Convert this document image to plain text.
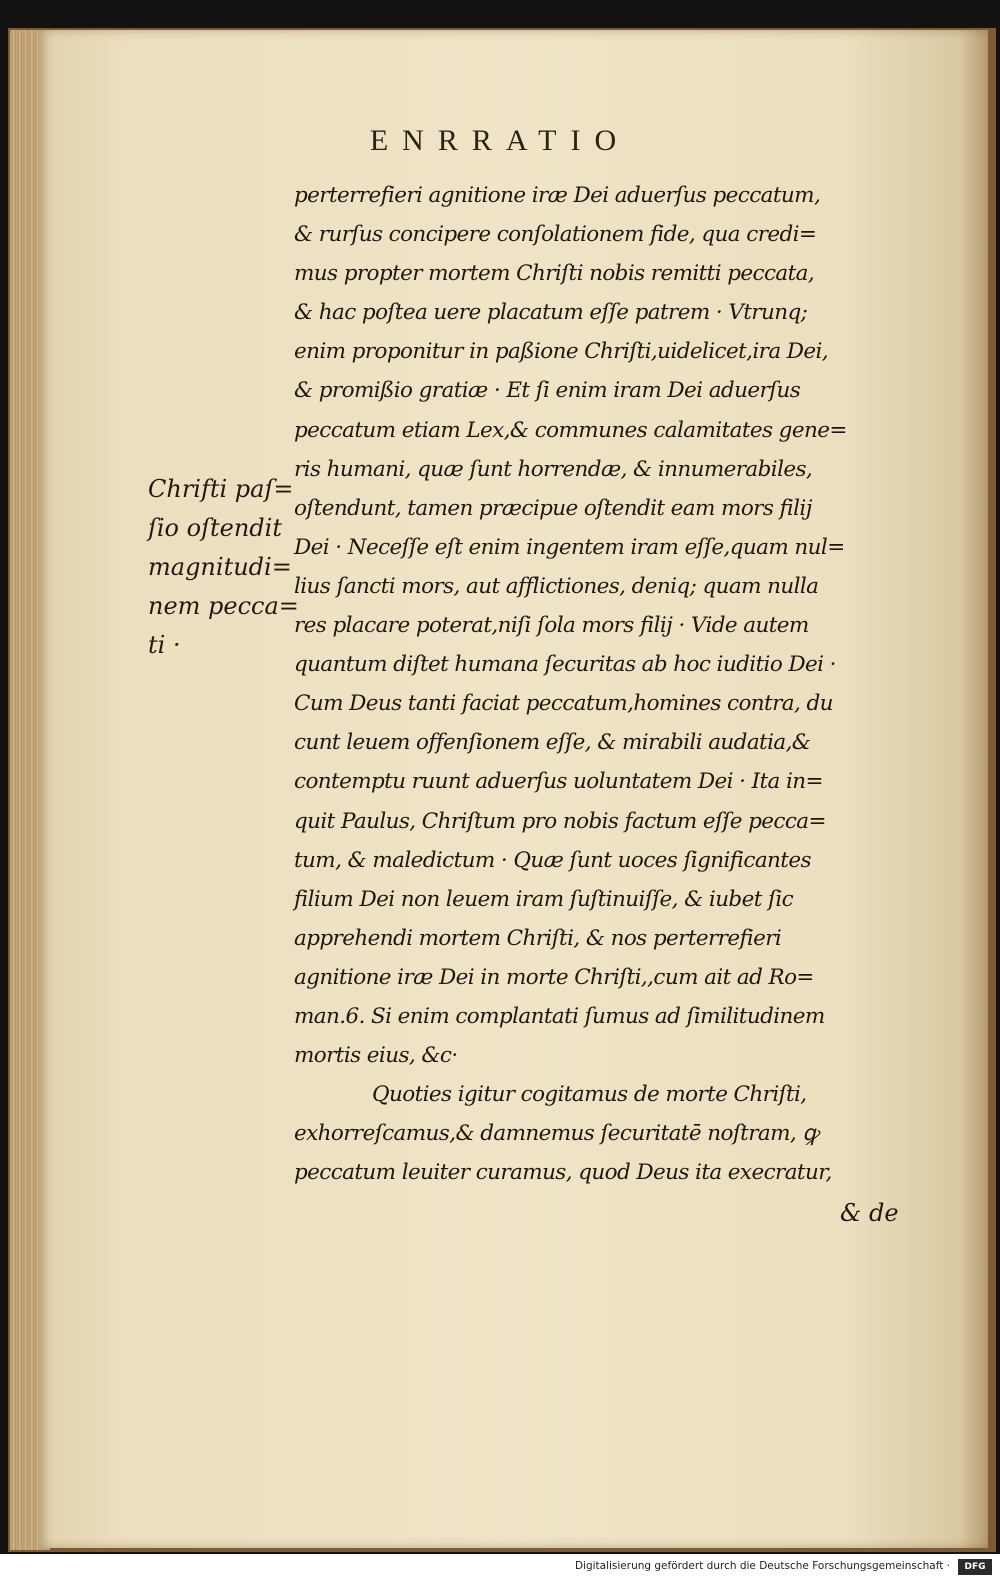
ENRRATIO
Chrifti paſ=
ſio oſtendit
magnitudi=
nem pecca=
ti ·
perterrefieri agnitione iræ Dei aduerſus peccatum,
& rurſus concipere conſolationem fide, qua credi=
mus propter mortem Chriſti nobis remitti peccata,
& hac poſtea uere placatum eſſe patrem · Vtrunq;
enim proponitur in paßione Chriſti,uidelicet,ira Dei,
& promißio gratiæ · Et ſi enim iram Dei aduerſus
peccatum etiam Lex,& communes calamitates gene=
ris humani, quæ ſunt horrendæ, & innumerabiles,
oſtendunt, tamen præcipue oſtendit eam mors filij
Dei · Neceſſe eſt enim ingentem iram eſſe,quam nul=
lius ſancti mors, aut afflictiones, deniq; quam nulla
res placare poterat,niſi ſola mors filij · Vide autem
quantum diſtet humana ſecuritas ab hoc iuditio Dei ·
Cum Deus tanti faciat peccatum,homines contra, du
cunt leuem offenſionem eſſe, & mirabili audatia,&
contemptu ruunt aduerſus uoluntatem Dei · Ita in=
quit Paulus, Chriſtum pro nobis factum eſſe pecca=
tum, & maledictum · Quæ ſunt uoces ſignificantes
filium Dei non leuem iram ſuſtinuiſſe, & iubet ſic
apprehendi mortem Chriſti, & nos perterrefieri
agnitione iræ Dei in morte Chriſti,,cum ait ad Ro=
man.6. Si enim complantati ſumus ad ſimilitudinem
mortis eius, &c·
Quoties igitur cogitamus de morte Chriſti,
exhorreſcamus,& damnemus ſecuritatē noſtram, ꝙ
peccatum leuiter curamus, quod Deus ita execratur,
& de
Digitalisierung gefördert durch die Deutsche Forschungsgemeinschaft ·	DFG
